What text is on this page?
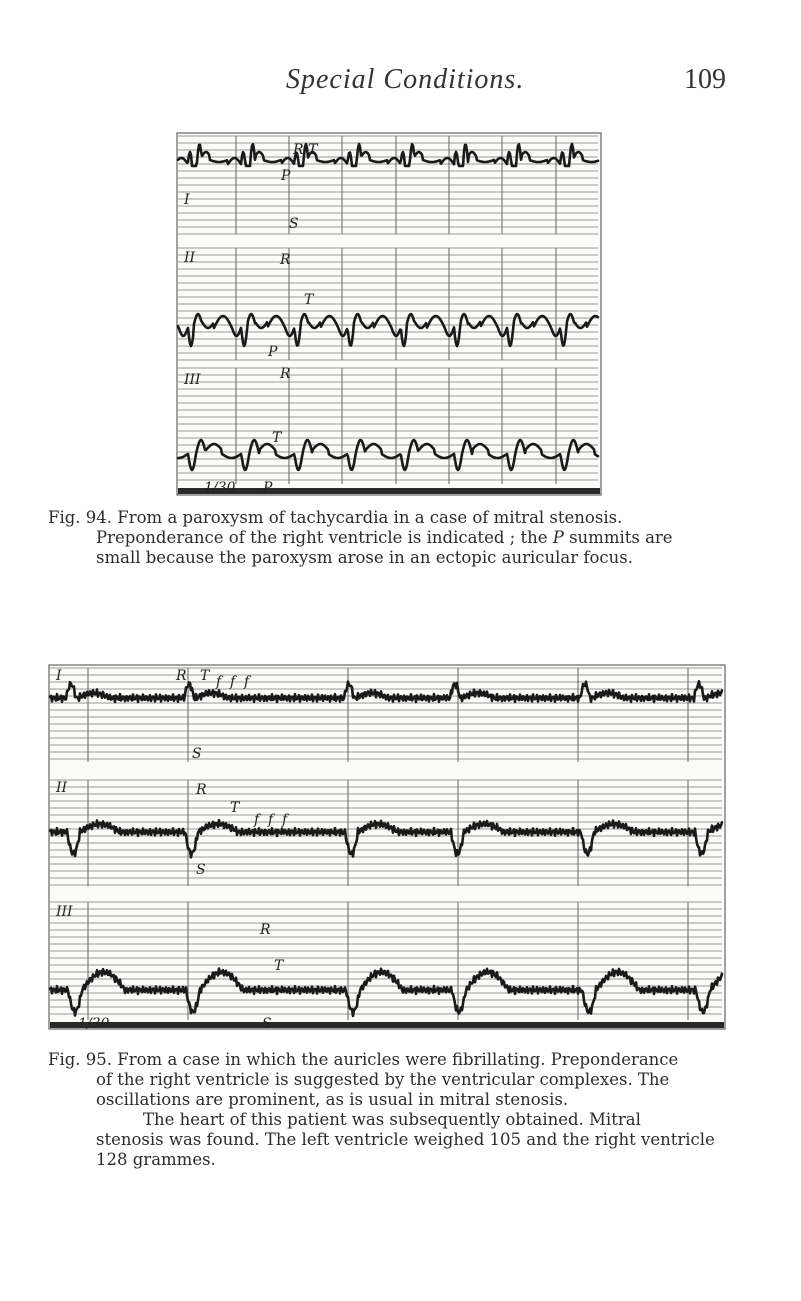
Special Conditions.	109
I
II
III
R T
P
S
R
T
P
R
T
P
1/30

Fig. 94. From a paroxysm of tachycardia in a case of mitral stenosis.

Preponderance of the right ventricle is indicated ; the P summits are

small because the paroxysm arose in an ectopic auricular focus.

I
II
III
R T f f f
S
R
T
f f f
S
R
T
S
1/30

Fig. 95. From a case in which the auricles were fibrillating. Preponderance

of the right ventricle is suggested by the ventricular complexes. The

oscillations are prominent, as is usual in mitral stenosis.

The heart of this patient was subsequently obtained. Mitral

stenosis was found. The left ventricle weighed 105 and the right ventricle

128 grammes.
